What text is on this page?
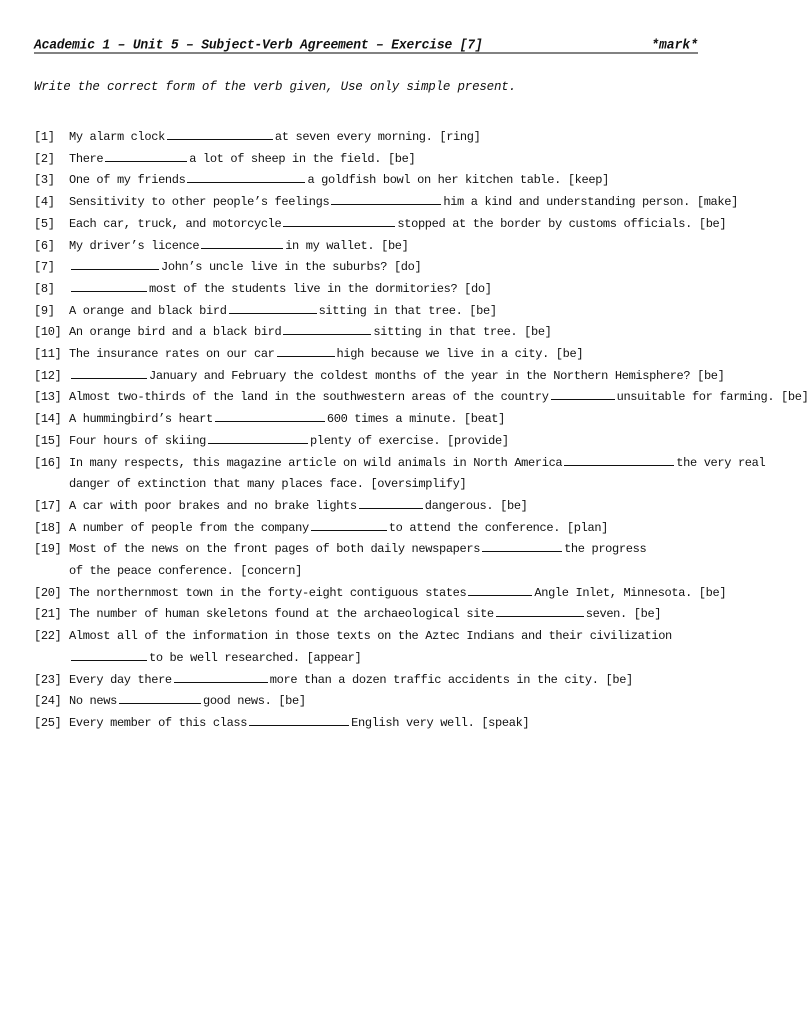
Academic 1 – Unit 5 – Subject-Verb Agreement – Exercise [7]	*mark*
Write the correct form of the verb given, Use only simple present.
[1] My alarm clock	at seven every morning. [ring]
[2] There	a lot of sheep in the field. [be]
[3] One of my friends	a goldfish bowl on her kitchen table. [keep]
[4] Sensitivity to other people’s feelings	him a kind and understanding person. [make]
[5] Each car, truck, and motorcycle	stopped at the border by customs officials. [be]
[6] My driver’s licence	in my wallet. [be]
[7]	John’s uncle live in the suburbs? [do]
[8]	most of the students live in the dormitories? [do]
[9] A orange and black bird	sitting in that tree. [be]
[10] An orange bird and a black bird	sitting in that tree. [be]
[11] The insurance rates on our car	high because we live in a city. [be]
[12]	January and February the coldest months of the year in the Northern Hemisphere? [be]
[13] Almost two-thirds of the land in the southwestern areas of the country	unsuitable for farming. [be]
[14] A hummingbird’s heart	600 times a minute. [beat]
[15] Four hours of skiing	plenty of exercise. [provide]
[16] In many respects, this magazine article on wild animals in North America	the very real
danger of extinction that many places face. [oversimplify]
[17] A car with poor brakes and no brake lights	dangerous. [be]
[18] A number of people from the company	to attend the conference. [plan]
[19] Most of the news on the front pages of both daily newspapers	the progress
of the peace conference. [concern]
[20] The northernmost town in the forty-eight contiguous states	Angle Inlet, Minnesota. [be]
[21] The number of human skeletons found at the archaeological site	seven. [be]
[22] Almost all of the information in those texts on the Aztec Indians and their civilization
to be well researched. [appear]
[23] Every day there	more than a dozen traffic accidents in the city. [be]
[24] No news	good news. [be]
[25] Every member of this class	English very well. [speak]
